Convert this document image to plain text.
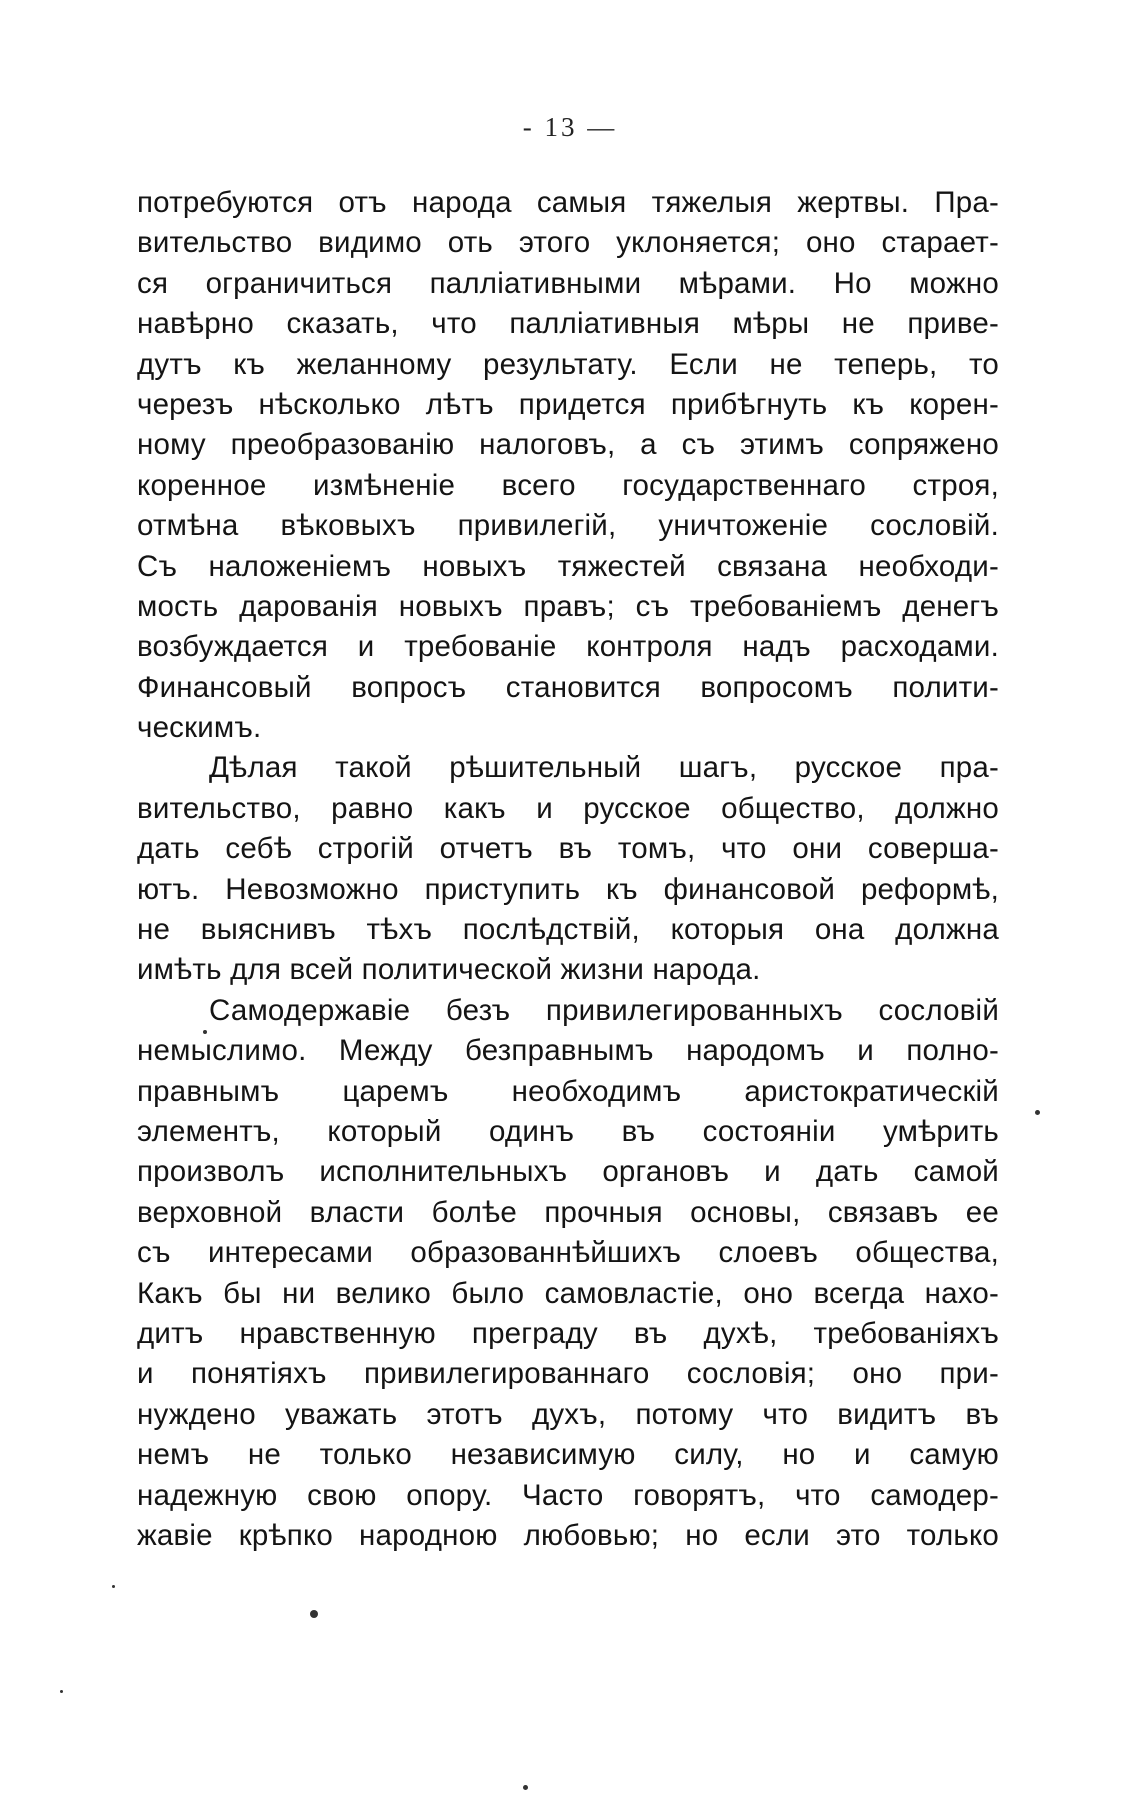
- 13 —
потребуются отъ народа самыя тяжелыя жертвы. Пра-
вительство видимо оть этого уклоняется; оно старает-
ся ограничиться палліативными мѣрами. Но можно
навѣрно сказать, что палліативныя мѣры не приве-
дутъ къ желанному результату. Если не теперь, то
черезъ нѣсколько лѣтъ придется прибѣгнуть къ корен-
ному преобразованію налоговъ, а съ этимъ сопряжено
коренное измѣненіе всего государственнаго строя,
отмѣна вѣковыхъ привилегій, уничтоженіе сословій.
Съ наложеніемъ новыхъ тяжестей связана необходи-
мость дарованія новыхъ правъ; съ требованіемъ денегъ
возбуждается и требованіе контроля надъ расходами.
Финансовый вопросъ становится вопросомъ полити-
ческимъ.
Дѣлая такой рѣшительный шагъ, русское пра-
вительство, равно какъ и русское общество, должно
дать себѣ строгій отчетъ въ томъ, что они соверша-
ютъ. Невозможно приступить къ финансовой реформѣ,
не выяснивъ тѣхъ послѣдствій, которыя она должна
имѣть для всей политической жизни народа.
Самодержавіе безъ привилегированныхъ сословій
немыслимо. Между безправнымъ народомъ и полно-
правнымъ царемъ необходимъ аристократическій
элементъ, который одинъ въ состояніи умѣрить
произволъ исполнительныхъ органовъ и дать самой
верховной власти болѣе прочныя основы, связавъ ее
съ интересами образованнѣйшихъ слоевъ общества,
Какъ бы ни велико было самовластіе, оно всегда нахо-
дитъ нравственную преграду въ духѣ, требованіяхъ
и понятіяхъ привилегированнаго сословія; оно при-
нуждено уважать этотъ духъ, потому что видитъ въ
немъ не только независимую силу, но и самую
надежную свою опору. Часто говорятъ, что самодер-
жавіе крѣпко народною любовью; но если это только
